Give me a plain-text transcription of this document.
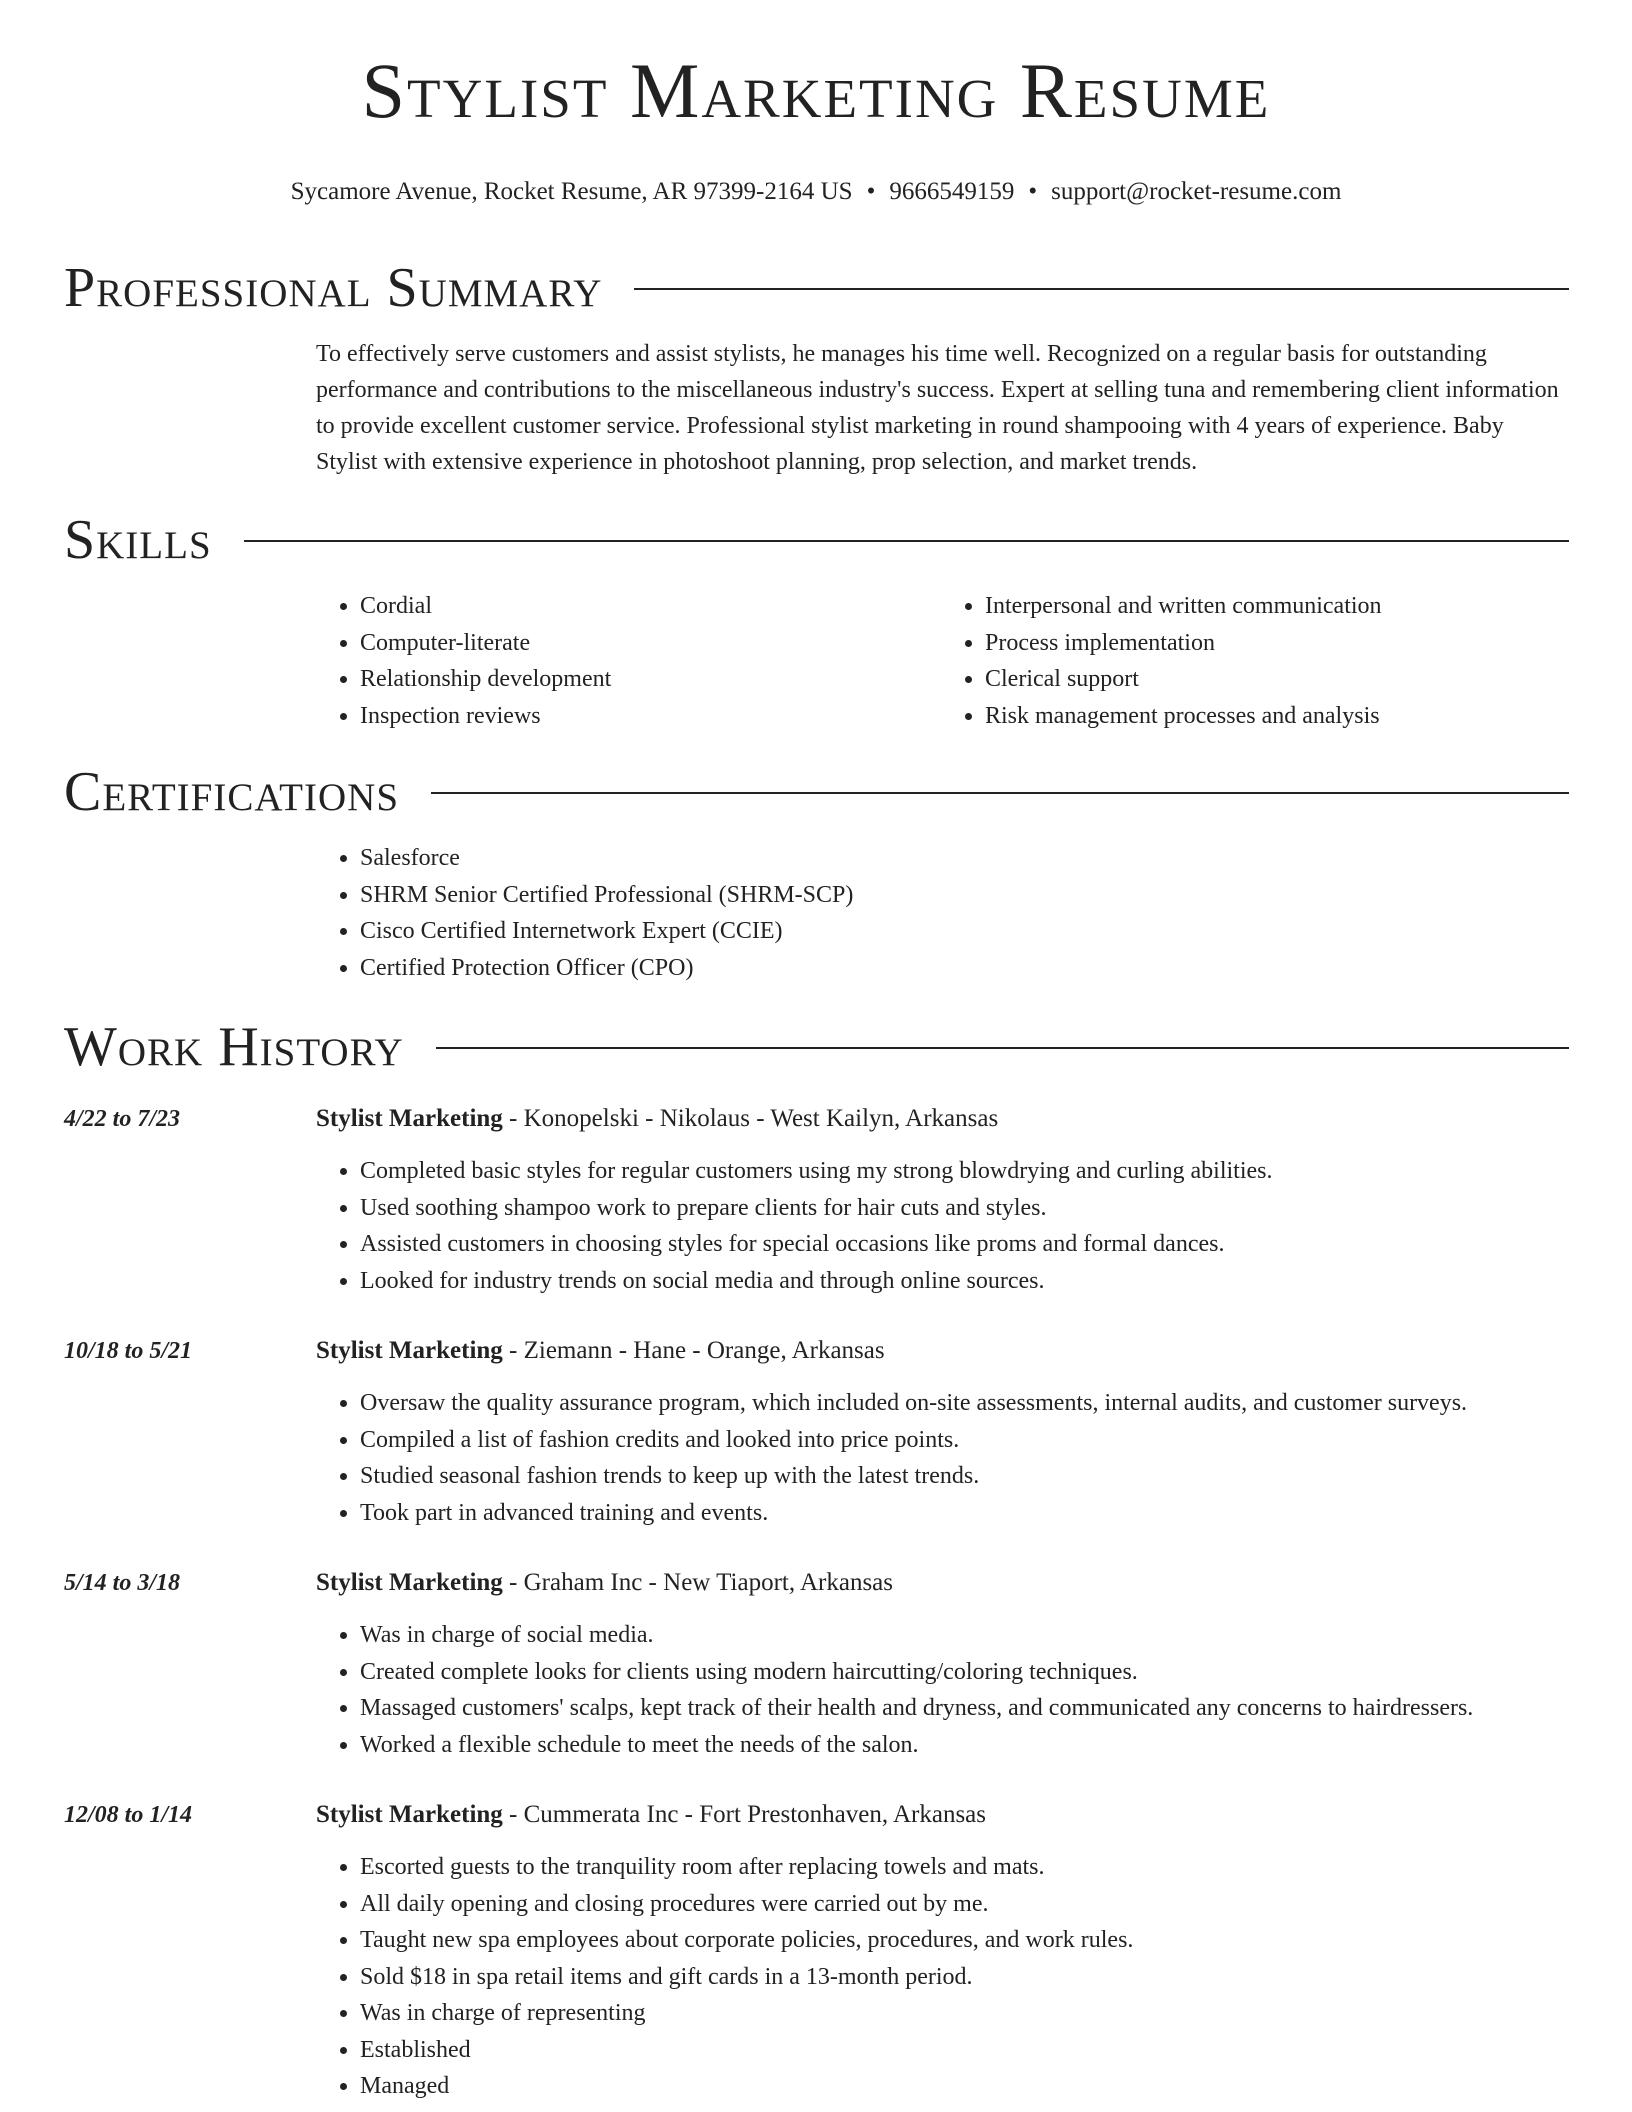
Stylist Marketing Resume
Sycamore Avenue, Rocket Resume, AR 97399-2164 US • 9666549159 • support@rocket-resume.com
Professional Summary

To effectively serve customers and assist stylists, he manages his time well. Recognized on a regular basis for outstanding performance and contributions to the miscellaneous industry's success. Expert at selling tuna and remembering client information to provide excellent customer service. Professional stylist marketing in round shampooing with 4 years of experience. Baby Stylist with extensive experience in photoshoot planning, prop selection, and market trends.

Skills
• Cordial
• Computer-literate
• Relationship development
• Inspection reviews
• Interpersonal and written communication
• Process implementation
• Clerical support
• Risk management processes and analysis
Certifications
• Salesforce
• SHRM Senior Certified Professional (SHRM-SCP)
• Cisco Certified Internetwork Expert (CCIE)
• Certified Protection Officer (CPO)
Work History
4/22 to 7/23	Stylist Marketing - Konopelski - Nikolaus - West Kailyn, Arkansas
• Completed basic styles for regular customers using my strong blowdrying and curling abilities.
• Used soothing shampoo work to prepare clients for hair cuts and styles.
• Assisted customers in choosing styles for special occasions like proms and formal dances.
• Looked for industry trends on social media and through online sources.
10/18 to 5/21	Stylist Marketing - Ziemann - Hane - Orange, Arkansas
• Oversaw the quality assurance program, which included on-site assessments, internal audits, and customer surveys.
• Compiled a list of fashion credits and looked into price points.
• Studied seasonal fashion trends to keep up with the latest trends.
• Took part in advanced training and events.
5/14 to 3/18	Stylist Marketing - Graham Inc - New Tiaport, Arkansas
• Was in charge of social media.
• Created complete looks for clients using modern haircutting/coloring techniques.
• Massaged customers' scalps, kept track of their health and dryness, and communicated any concerns to hairdressers.
• Worked a flexible schedule to meet the needs of the salon.
12/08 to 1/14	Stylist Marketing - Cummerata Inc - Fort Prestonhaven, Arkansas
• Escorted guests to the tranquility room after replacing towels and mats.
• All daily opening and closing procedures were carried out by me.
• Taught new spa employees about corporate policies, procedures, and work rules.
• Sold $18 in spa retail items and gift cards in a 13-month period.
• Was in charge of representing
• Established
• Managed
